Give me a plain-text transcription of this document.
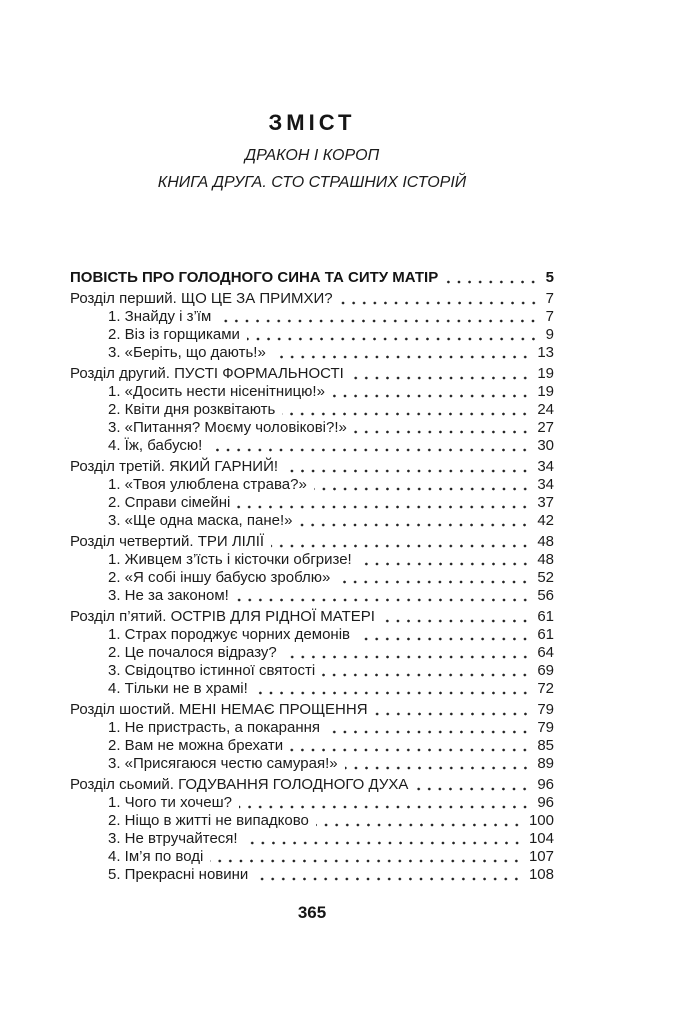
ЗМІСТ
ДРАКОН І КОРОП
КНИГА ДРУГА. СТО СТРАШНИХ ІСТОРІЙ
ПОВІСТЬ ПРО ГОЛОДНОГО СИНА ТА СИТУ МАТІР	5
Розділ перший. ЩО ЦЕ ЗА ПРИМХИ?	7
1. Знайду і з’їм	7
2. Віз із горщиками	9
3. «Беріть, що дають!»	13
Розділ другий. ПУСТІ ФОРМАЛЬНОСТІ	19
1. «Досить нести нісенітницю!»	19
2. Квіти дня розквітають	24
3. «Питання? Моєму чоловікові?!»	27
4. Їж, бабусю!	30
Розділ третій. ЯКИЙ ГАРНИЙ!	34
1. «Твоя улюблена страва?»	34
2. Справи сімейні	37
3. «Ще одна маска, пане!»	42
Розділ четвертий. ТРИ ЛІЛІЇ	48
1. Живцем з’їсть і кісточки обгризе!	48
2. «Я собі іншу бабусю зроблю»	52
3. Не за законом!	56
Розділ п’ятий. ОСТРІВ ДЛЯ РІДНОЇ МАТЕРІ	61
1. Страх породжує чорних демонів	61
2. Це почалося відразу?	64
3. Свідоцтво істинної святості	69
4. Тільки не в храмі!	72
Розділ шостий. МЕНІ НЕМАЄ ПРОЩЕННЯ	79
1. Не пристрасть, а покарання	79
2. Вам не можна брехати	85
3. «Присягаюся честю самурая!»	89
Розділ сьомий. ГОДУВАННЯ ГОЛОДНОГО ДУХА	96
1. Чого ти хочеш?	96
2. Ніщо в житті не випадково	100
3. Не втручайтеся!	104
4. Ім’я по воді	107
5. Прекрасні новини	108
365
